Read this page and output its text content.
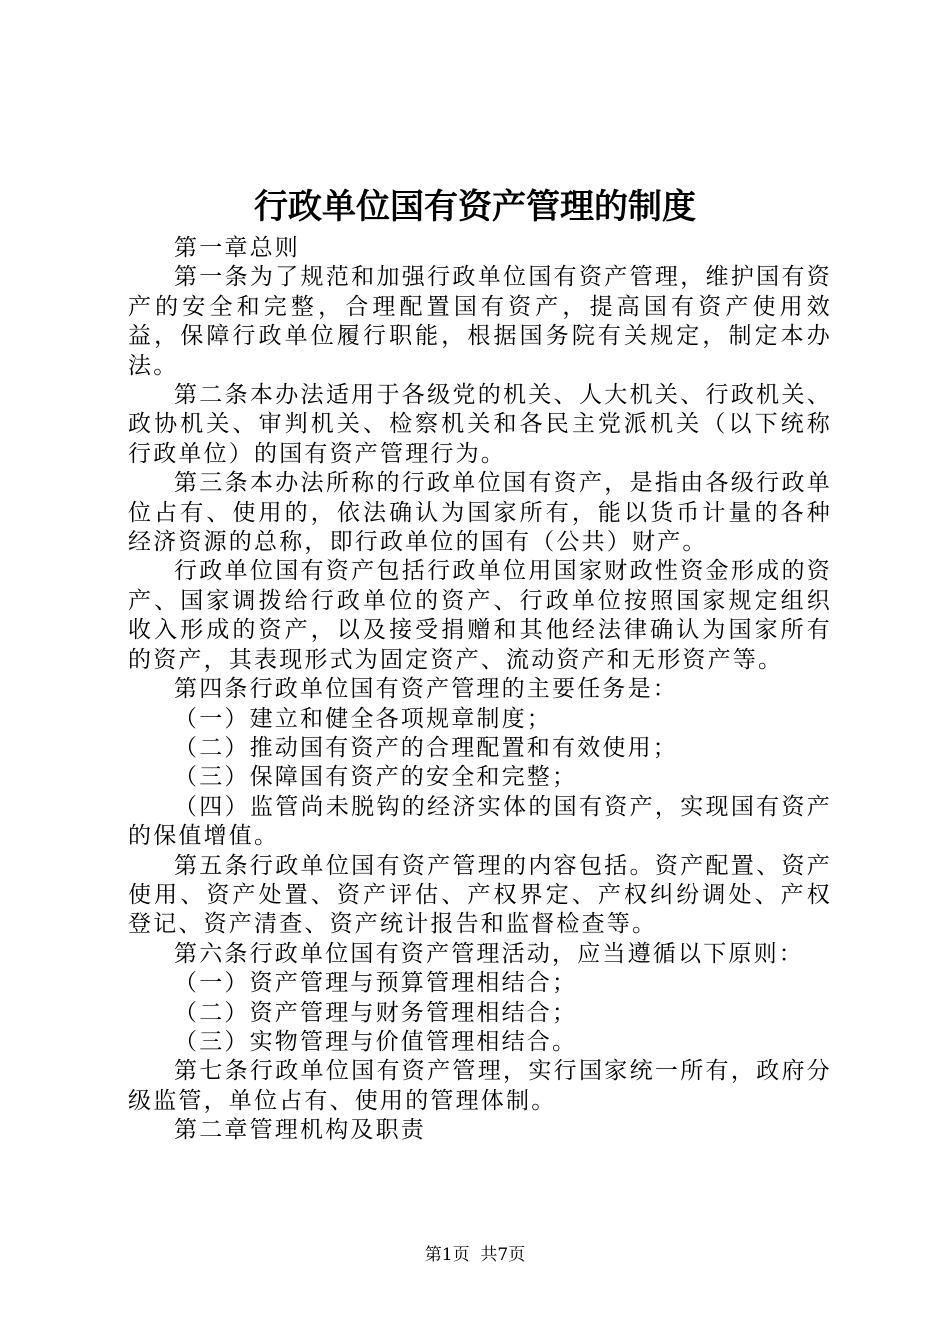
行政单位国有资产管理的制度

第一章总则

第一条为了规范和加强行政单位国有资产管理，维护国有资产的安全和完整，合理配置国有资产，提高国有资产使用效益，保障行政单位履行职能，根据国务院有关规定，制定本办法。

第二条本办法适用于各级党的机关、人大机关、行政机关、政协机关、审判机关、检察机关和各民主党派机关（以下统称行政单位）的国有资产管理行为。

第三条本办法所称的行政单位国有资产，是指由各级行政单位占有、使用的，依法确认为国家所有，能以货币计量的各种经济资源的总称，即行政单位的国有（公共）财产。

行政单位国有资产包括行政单位用国家财政性资金形成的资产、国家调拨给行政单位的资产、行政单位按照国家规定组织收入形成的资产，以及接受捐赠和其他经法律确认为国家所有的资产，其表现形式为固定资产、流动资产和无形资产等。

第四条行政单位国有资产管理的主要任务是：

（一）建立和健全各项规章制度；

（二）推动国有资产的合理配置和有效使用；

（三）保障国有资产的安全和完整；

（四）监管尚未脱钩的经济实体的国有资产，实现国有资产的保值增值。

第五条行政单位国有资产管理的内容包括。资产配置、资产使用、资产处置、资产评估、产权界定、产权纠纷调处、产权登记、资产清查、资产统计报告和监督检查等。

第六条行政单位国有资产管理活动，应当遵循以下原则：

（一）资产管理与预算管理相结合；

（二）资产管理与财务管理相结合；

（三）实物管理与价值管理相结合。

第七条行政单位国有资产管理，实行国家统一所有，政府分级监管，单位占有、使用的管理体制。

第二章管理机构及职责

第1页  共7页
